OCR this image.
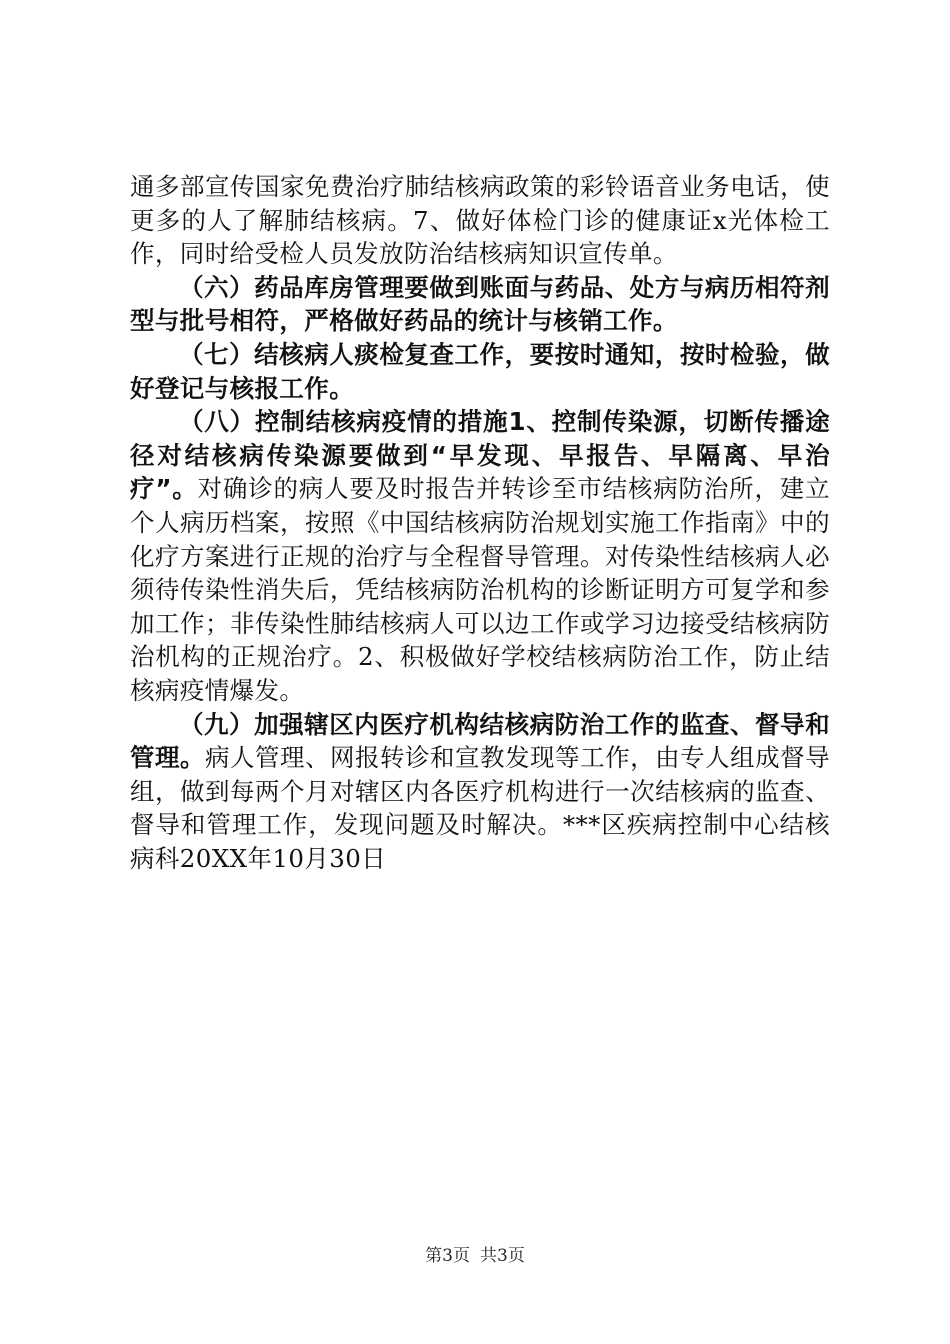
通多部宣传国家免费治疗肺结核病政策的彩铃语音业务电话，使更多的人了解肺结核病。7、做好体检门诊的健康证x光体检工作，同时给受检人员发放防治结核病知识宣传单。

（六）药品库房管理要做到账面与药品、处方与病历相符剂型与批号相符，严格做好药品的统计与核销工作。

（七）结核病人痰检复查工作，要按时通知，按时检验，做好登记与核报工作。

（八）控制结核病疫情的措施1、控制传染源，切断传播途径对结核病传染源要做到“早发现、早报告、早隔离、早治疗”。对确诊的病人要及时报告并转诊至市结核病防治所，建立个人病历档案，按照《中国结核病防治规划实施工作指南》中的化疗方案进行正规的治疗与全程督导管理。对传染性结核病人必须待传染性消失后，凭结核病防治机构的诊断证明方可复学和参加工作；非传染性肺结核病人可以边工作或学习边接受结核病防治机构的正规治疗。2、积极做好学校结核病防治工作，防止结核病疫情爆发。

（九）加强辖区内医疗机构结核病防治工作的监查、督导和管理。病人管理、网报转诊和宣教发现等工作，由专人组成督导组，做到每两个月对辖区内各医疗机构进行一次结核病的监查、督导和管理工作，发现问题及时解决。***区疾病控制中心结核病科20XX年10月30日

第3页 共3页
